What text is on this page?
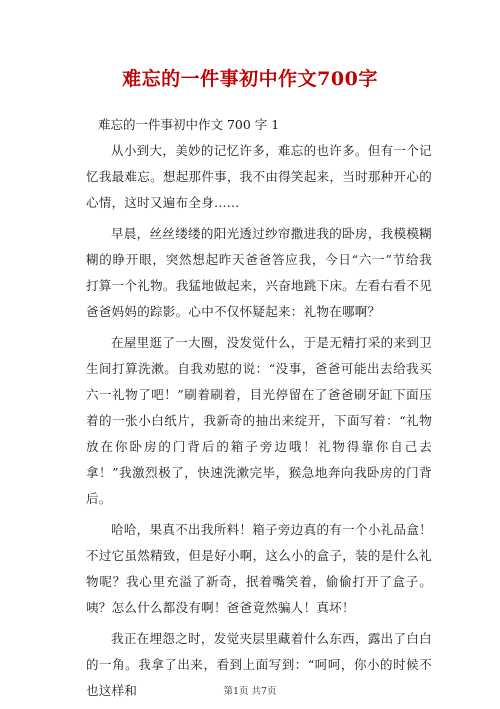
难忘的一件事初中作文700字

难忘的一件事初中作文 700 字 1

从小到大，美妙的记忆许多，难忘的也许多。但有一个记忆我最难忘。想起那件事，我不由得笑起来，当时那种开心的心情，这时又遍布全身……

早晨，丝丝缕缕的阳光透过纱帘撒进我的卧房，我模模糊糊的睁开眼，突然想起昨天爸爸答应我，今日“六一”节给我打算一个礼物。我猛地做起来，兴奋地跳下床。左看右看不见爸爸妈妈的踪影。心中不仅怀疑起来：礼物在哪啊？

在屋里逛了一大圈，没发觉什么，于是无精打采的来到卫生间打算洗漱。自我劝慰的说：“没事，爸爸可能出去给我买六一礼物了吧！”刷着刷着，目光停留在了爸爸刷牙缸下面压着的一张小白纸片，我新奇的抽出来绽开，下面写着：“礼物放在你卧房的门背后的箱子旁边哦！礼物得靠你自己去拿！”我激烈极了，快速洗漱完毕，猴急地奔向我卧房的门背后。

哈哈，果真不出我所料！箱子旁边真的有一个小礼品盒！不过它虽然精致，但是好小啊，这么小的盒子，装的是什么礼物呢？我心里充溢了新奇，抿着嘴笑着，偷偷打开了盒子。咦？怎么什么都没有啊！爸爸竟然骗人！真坏！

我正在埋怨之时，发觉夹层里藏着什么东西，露出了白白的一角。我拿了出来，看到上面写到：“呵呵，你小的时候不也这样和	第1页 共7页
